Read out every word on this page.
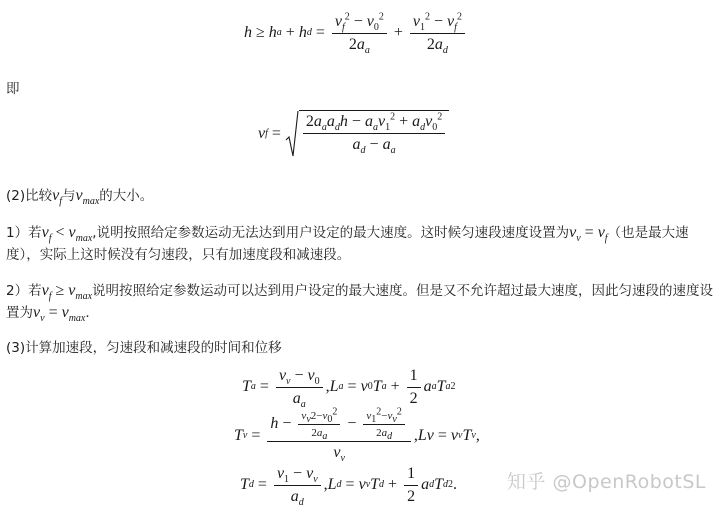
h ≥ h a + h $d = \frac{v_f^2 - v_0^2}{2a_a} + \frac{v_1^2 - v_f^2}{2a_d}$
即
v $f = \frac{2a_aa_dh - a_av_1^2 + a_dv_0^2}{a_d - a_a}$
(2)比较$v_f$与$v_{max}$的大小。
1）若$v_f < v_{max}$,说明按照给定参数运动无法达到用户设定的最大速度。这时候匀速段速度设置为$v_v = v_f$（也是最大速度），实际上这时候没有匀速段，只有加速度段和减速段。
2）若$v_f \ge v_{max}$说明按照给定参数运动可以达到用户设定的最大速度。但是又不允许超过最大速度，因此匀速段的速度设置为$v_v = v_{max}$.
(3)计算加速段，匀速段和减速段的时间和位移
T $a = \frac{v_v - v_0}{a_a}$ , L a = v 0 T $a + \frac{1}{2}$ a a T a 2
T $v = \frac{h - \frac{v_v2-v_0^2}{2a_a} - \frac{v_1^2-v_v^2}{2a_d}}{v_v}$ , Lv = v v T v ,
T $d = \frac{v_1 - v_v}{a_d}$ , L d = v v T $d + \frac{1}{2}$ a d T d 2 .	知乎 @OpenRobotSL
